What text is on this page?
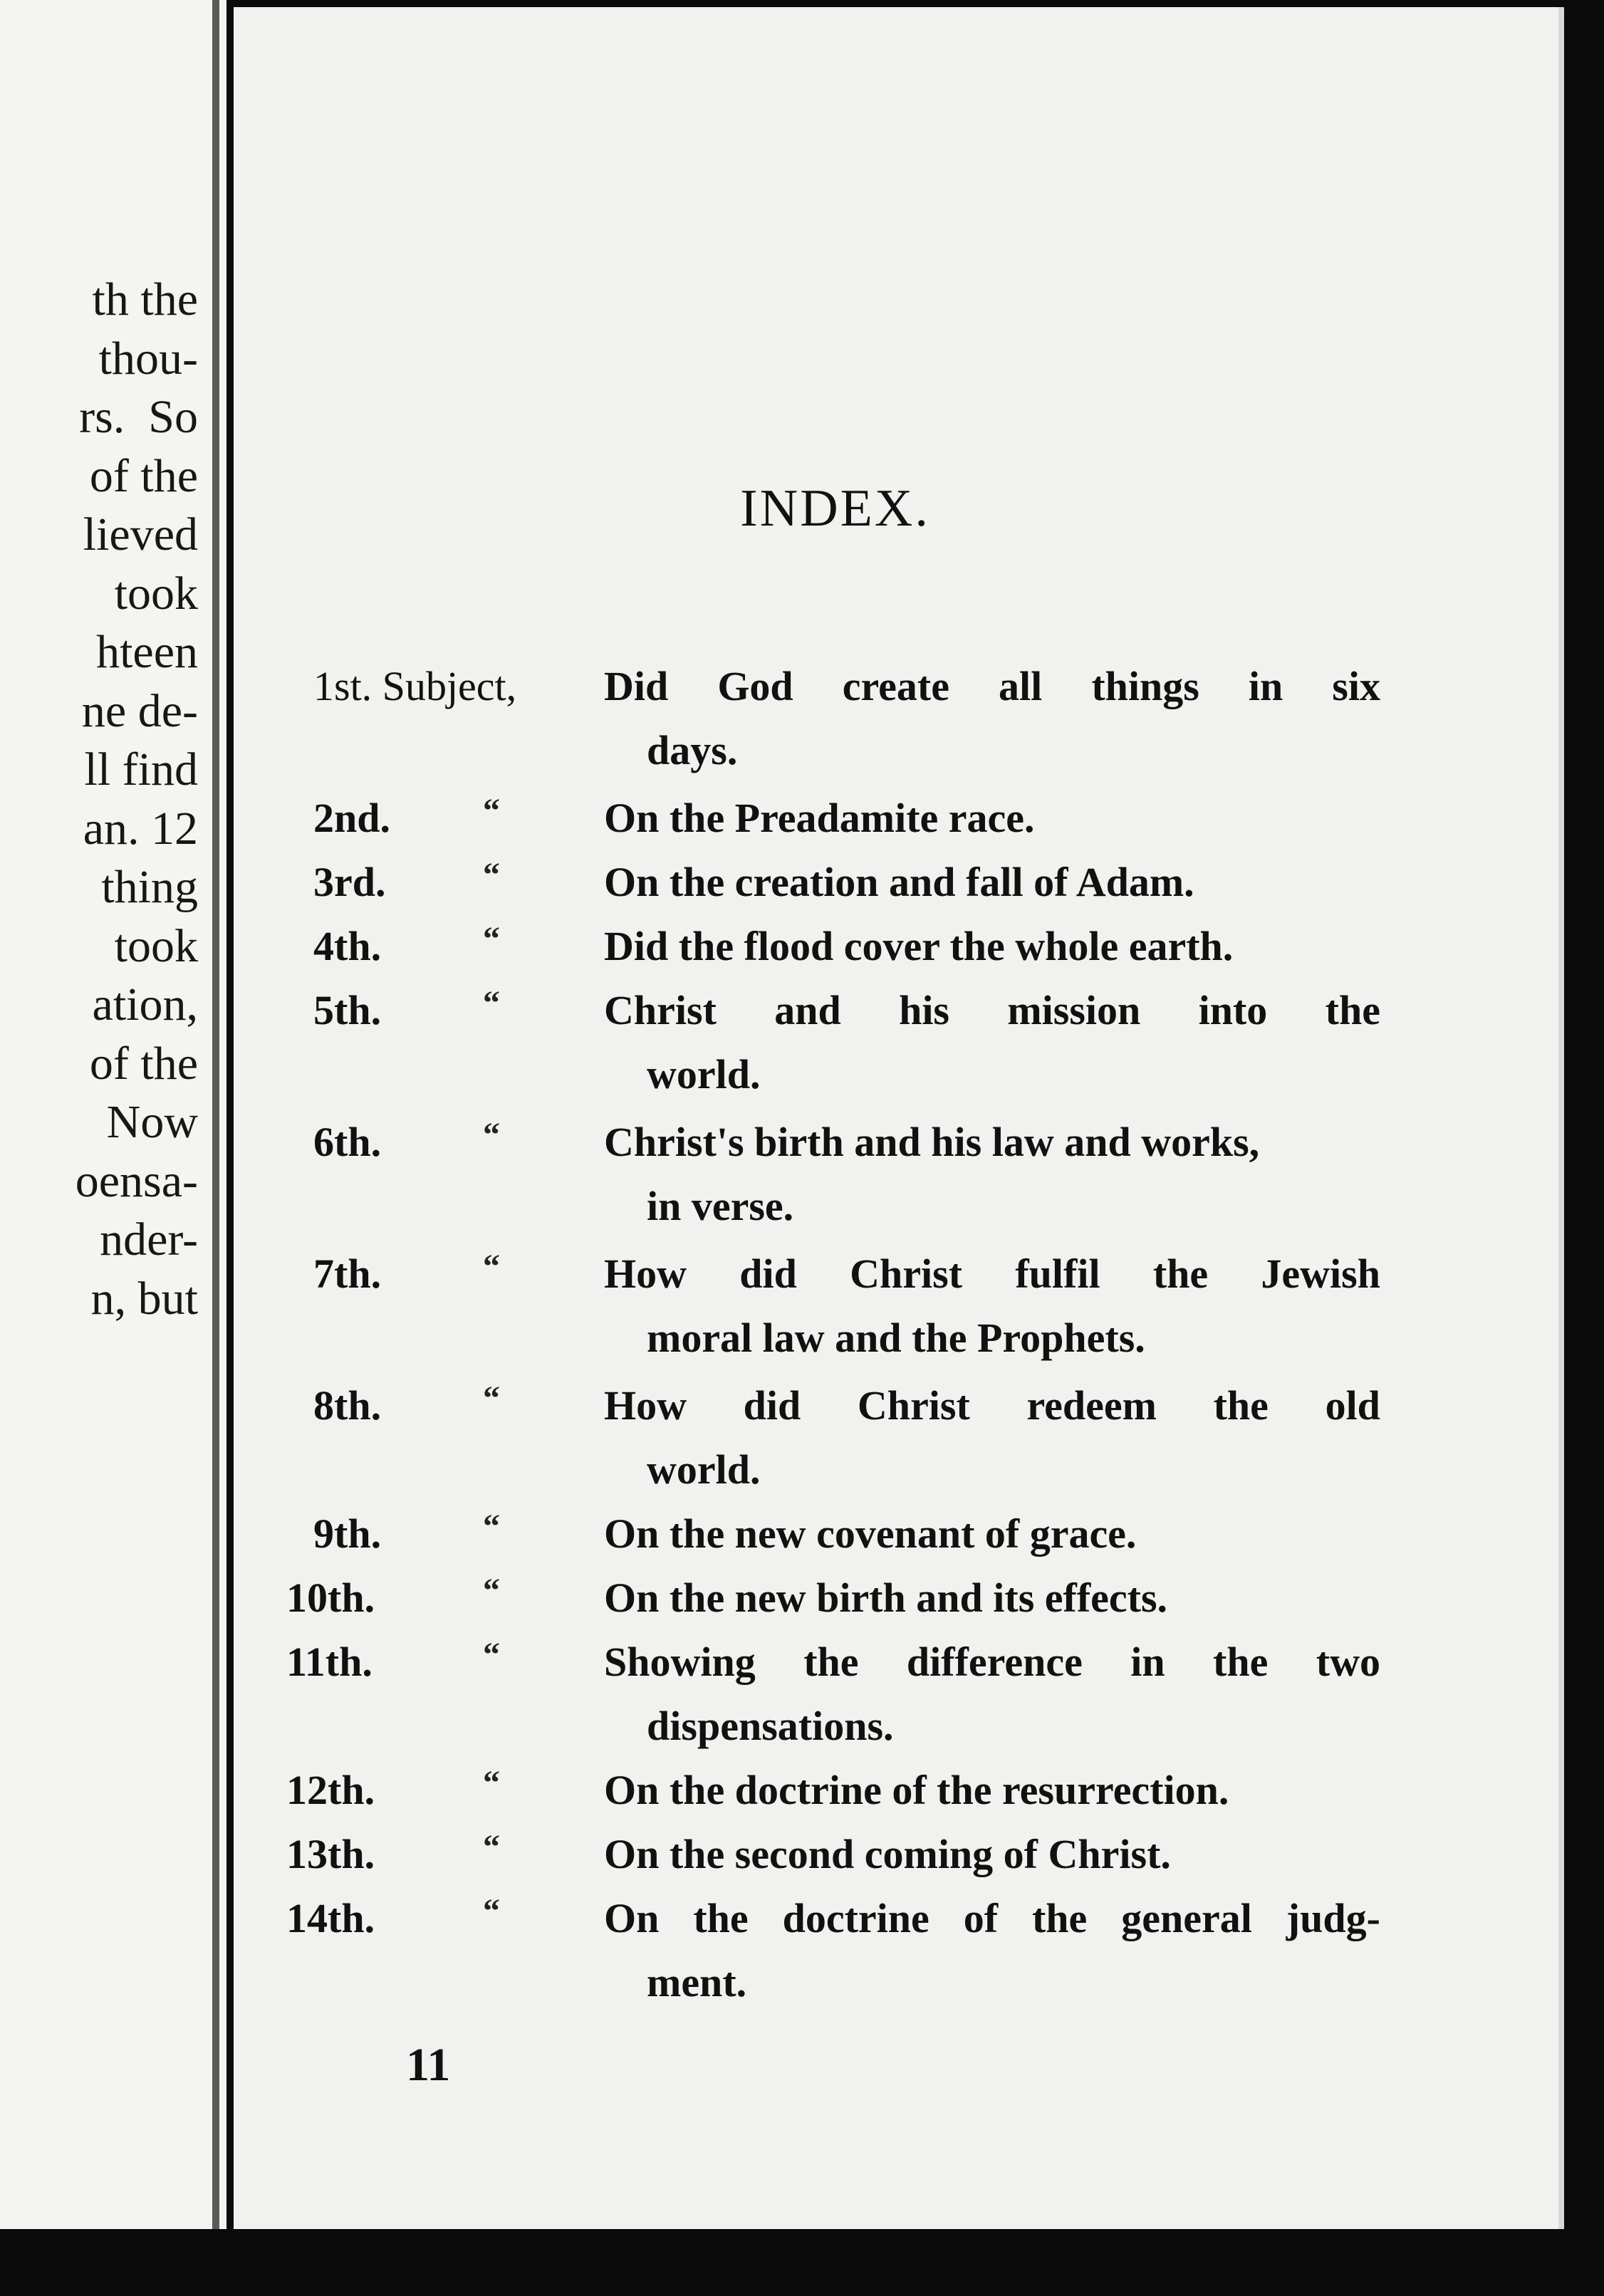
th the
thou-
rs.  So
of the
lieved
took
hteen
ne de-
ll find
an. 12
thing
took
ation,
of the
Now
oensa-
nder-
n, but
INDEX.
1st. Subject, Did God create all things in six
days.
2nd.	“	On the Preadamite race.
3rd.	“	On the creation and fall of Adam.
4th.	“	Did the flood cover the whole earth.
5th.	“	Christ and his mission into the
world.
6th.	“	Christ's birth and his law and works,
in verse.
7th.	“	How did Christ fulfil the Jewish
moral law and the Prophets.
8th.	“	How did Christ redeem the old
world.
9th.	“	On the new covenant of grace.
10th.	“	On the new birth and its effects.
11th.	“	Showing the difference in the two
dispensations.
12th.	“	On the doctrine of the resurrection.
13th.	“	On the second coming of Christ.
14th.	“	On the doctrine of the general judg-
ment.
11
